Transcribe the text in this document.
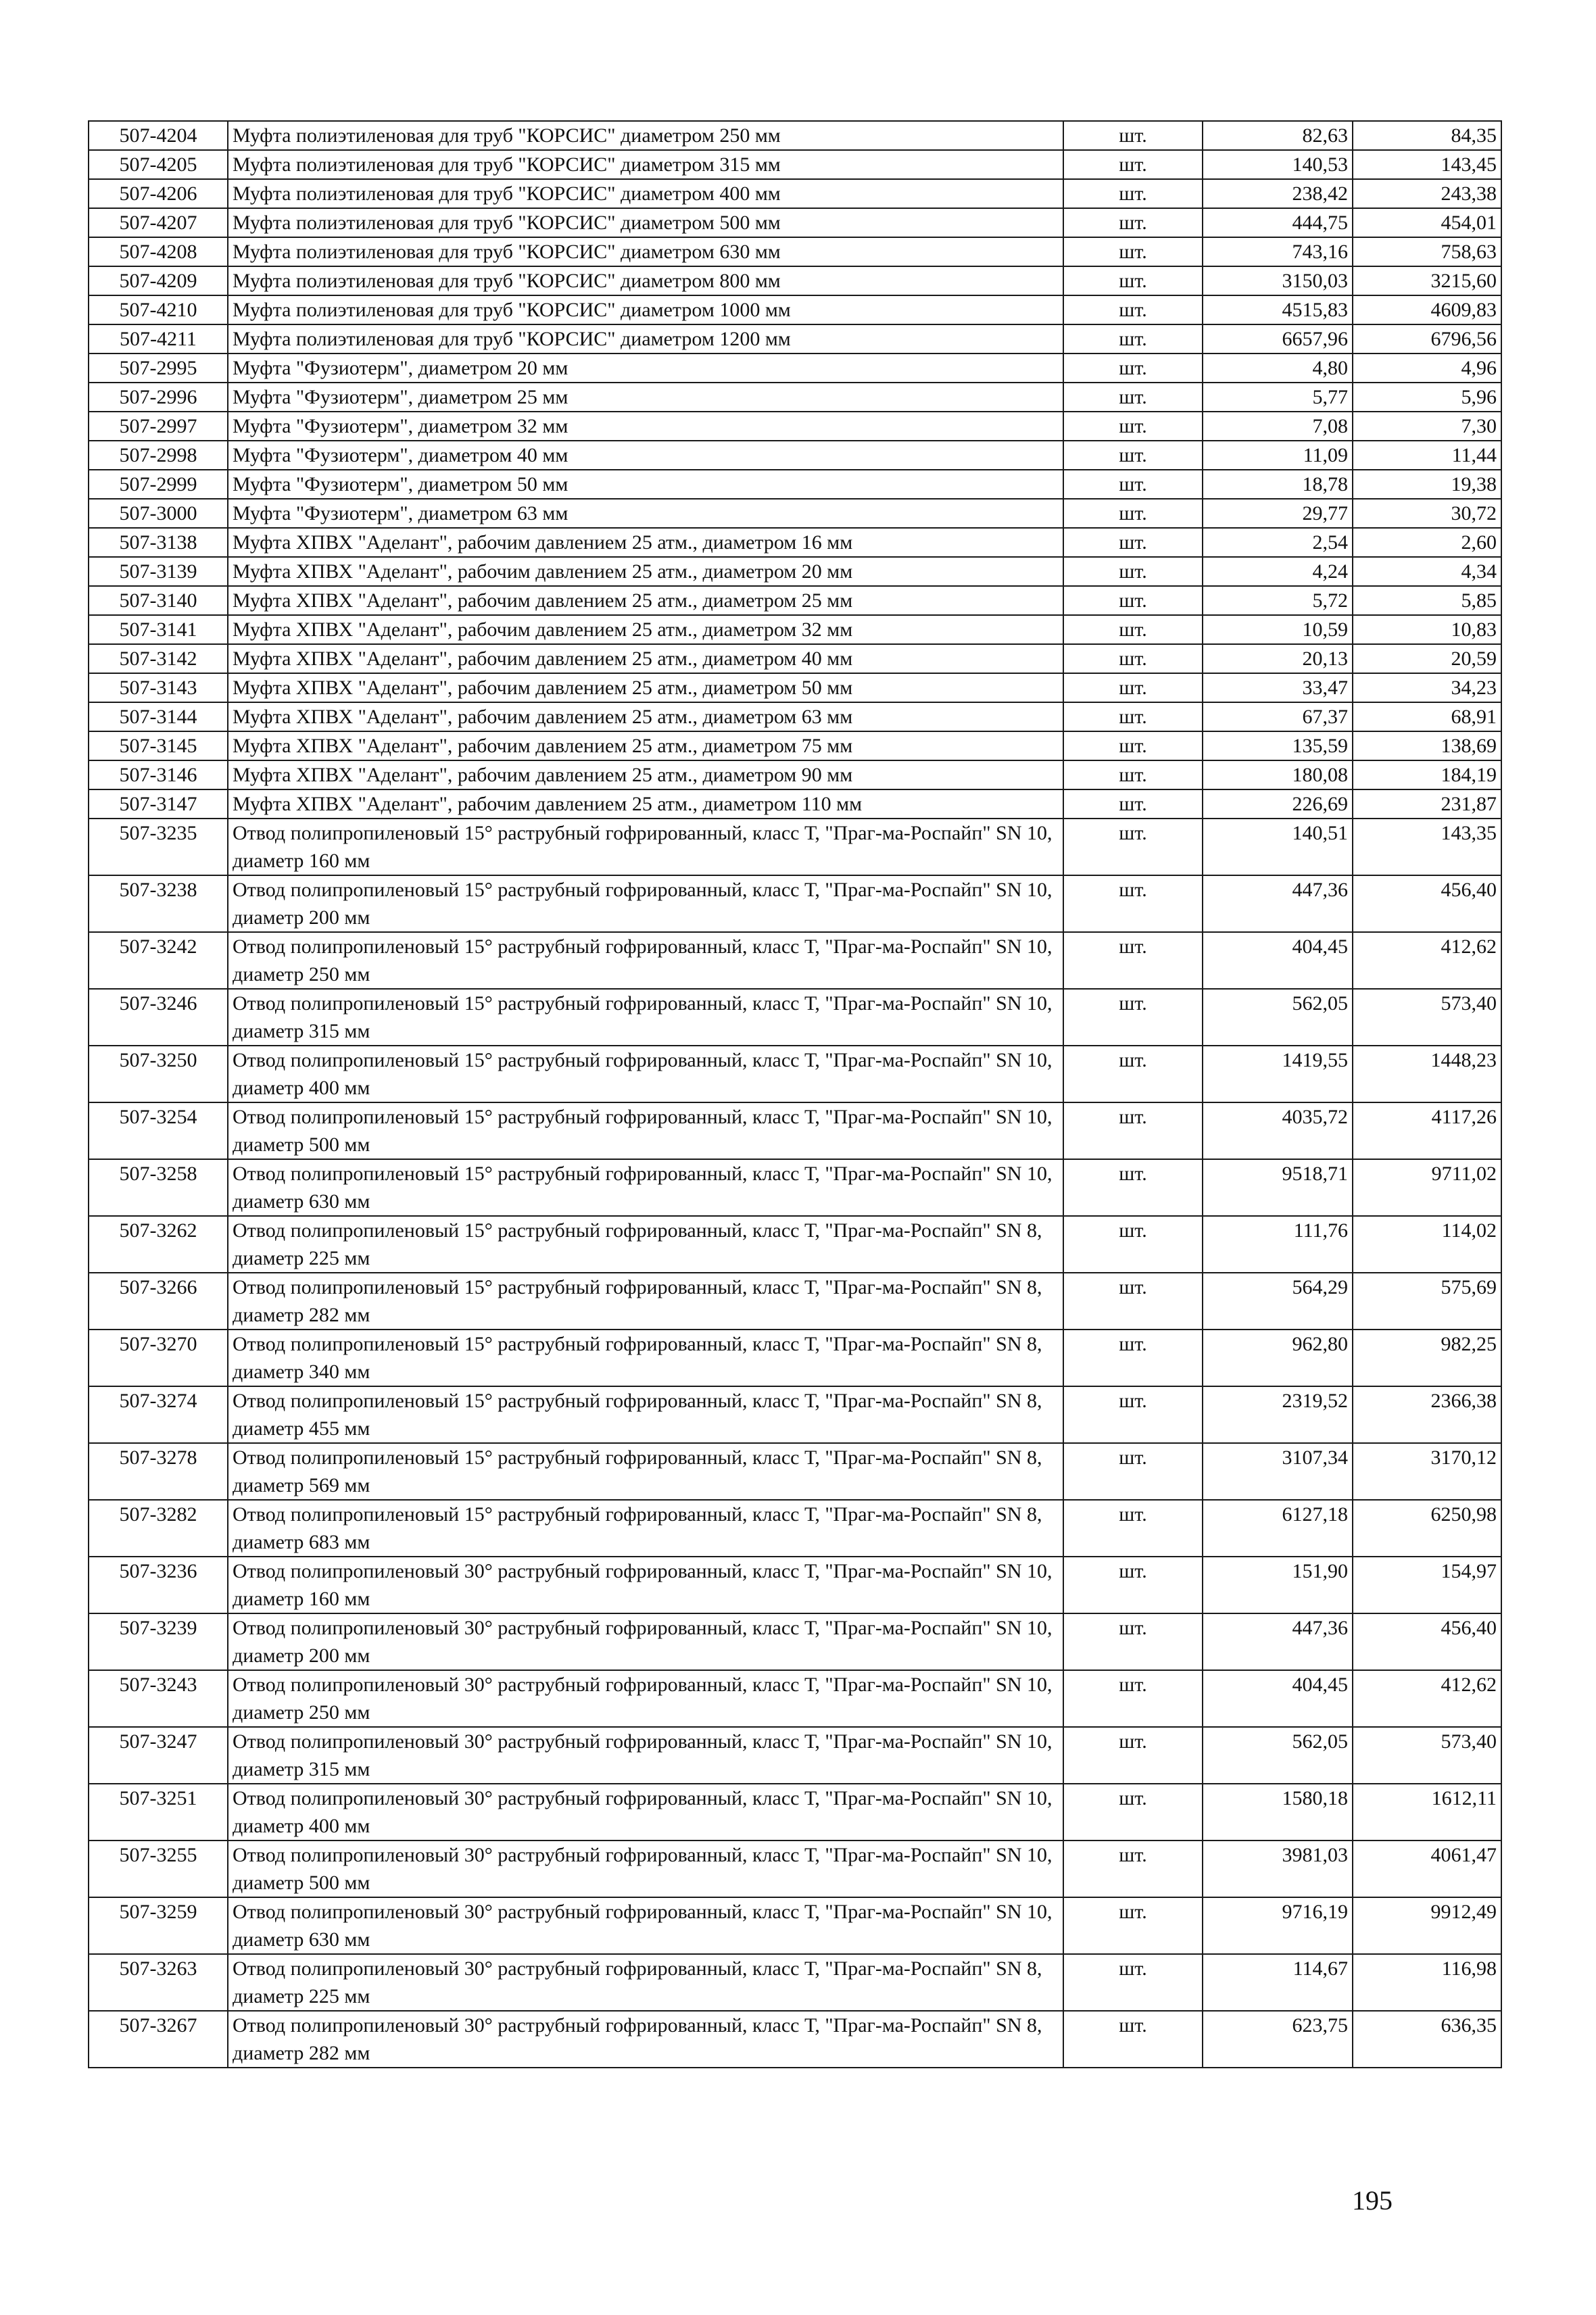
507-4204	Муфта полиэтиленовая для труб "КОРСИС" диаметром 250 мм	шт.	82,63	84,35
507-4205	Муфта полиэтиленовая для труб "КОРСИС" диаметром 315 мм	шт.	140,53	143,45
507-4206	Муфта полиэтиленовая для труб "КОРСИС" диаметром 400 мм	шт.	238,42	243,38
507-4207	Муфта полиэтиленовая для труб "КОРСИС" диаметром 500 мм	шт.	444,75	454,01
507-4208	Муфта полиэтиленовая для труб "КОРСИС" диаметром 630 мм	шт.	743,16	758,63
507-4209	Муфта полиэтиленовая для труб "КОРСИС" диаметром 800 мм	шт.	3150,03	3215,60
507-4210	Муфта полиэтиленовая для труб "КОРСИС" диаметром 1000 мм	шт.	4515,83	4609,83
507-4211	Муфта полиэтиленовая для труб "КОРСИС" диаметром 1200 мм	шт.	6657,96	6796,56
507-2995	Муфта "Фузиотерм", диаметром 20 мм	шт.	4,80	4,96
507-2996	Муфта "Фузиотерм", диаметром 25 мм	шт.	5,77	5,96
507-2997	Муфта "Фузиотерм", диаметром 32 мм	шт.	7,08	7,30
507-2998	Муфта "Фузиотерм", диаметром 40 мм	шт.	11,09	11,44
507-2999	Муфта "Фузиотерм", диаметром 50 мм	шт.	18,78	19,38
507-3000	Муфта "Фузиотерм", диаметром 63 мм	шт.	29,77	30,72
507-3138	Муфта ХПВХ "Аделант", рабочим давлением 25 атм., диаметром 16 мм	шт.	2,54	2,60
507-3139	Муфта ХПВХ "Аделант", рабочим давлением 25 атм., диаметром 20 мм	шт.	4,24	4,34
507-3140	Муфта ХПВХ "Аделант", рабочим давлением 25 атм., диаметром 25 мм	шт.	5,72	5,85
507-3141	Муфта ХПВХ "Аделант", рабочим давлением 25 атм., диаметром 32 мм	шт.	10,59	10,83
507-3142	Муфта ХПВХ "Аделант", рабочим давлением 25 атм., диаметром 40 мм	шт.	20,13	20,59
507-3143	Муфта ХПВХ "Аделант", рабочим давлением 25 атм., диаметром 50 мм	шт.	33,47	34,23
507-3144	Муфта ХПВХ "Аделант", рабочим давлением 25 атм., диаметром 63 мм	шт.	67,37	68,91
507-3145	Муфта ХПВХ "Аделант", рабочим давлением 25 атм., диаметром 75 мм	шт.	135,59	138,69
507-3146	Муфта ХПВХ "Аделант", рабочим давлением 25 атм., диаметром 90 мм	шт.	180,08	184,19
507-3147	Муфта ХПВХ "Аделант", рабочим давлением 25 атм., диаметром 110 мм	шт.	226,69	231,87
507-3235	Отвод полипропиленовый 15° раструбный гофрированный, класс Т, "Праг-ма-Роспайп" SN 10, диаметр 160 мм	шт.	140,51	143,35
507-3238	Отвод полипропиленовый 15° раструбный гофрированный, класс Т, "Праг-ма-Роспайп" SN 10, диаметр 200 мм	шт.	447,36	456,40
507-3242	Отвод полипропиленовый 15° раструбный гофрированный, класс Т, "Праг-ма-Роспайп" SN 10, диаметр 250 мм	шт.	404,45	412,62
507-3246	Отвод полипропиленовый 15° раструбный гофрированный, класс Т, "Праг-ма-Роспайп" SN 10, диаметр 315 мм	шт.	562,05	573,40
507-3250	Отвод полипропиленовый 15° раструбный гофрированный, класс Т, "Праг-ма-Роспайп" SN 10, диаметр 400 мм	шт.	1419,55	1448,23
507-3254	Отвод полипропиленовый 15° раструбный гофрированный, класс Т, "Праг-ма-Роспайп" SN 10, диаметр 500 мм	шт.	4035,72	4117,26
507-3258	Отвод полипропиленовый 15° раструбный гофрированный, класс Т, "Праг-ма-Роспайп" SN 10, диаметр 630 мм	шт.	9518,71	9711,02
507-3262	Отвод полипропиленовый 15° раструбный гофрированный, класс Т, "Праг-ма-Роспайп" SN 8, диаметр 225 мм	шт.	111,76	114,02
507-3266	Отвод полипропиленовый 15° раструбный гофрированный, класс Т, "Праг-ма-Роспайп" SN 8, диаметр 282 мм	шт.	564,29	575,69
507-3270	Отвод полипропиленовый 15° раструбный гофрированный, класс Т, "Праг-ма-Роспайп" SN 8, диаметр 340 мм	шт.	962,80	982,25
507-3274	Отвод полипропиленовый 15° раструбный гофрированный, класс Т, "Праг-ма-Роспайп" SN 8, диаметр 455 мм	шт.	2319,52	2366,38
507-3278	Отвод полипропиленовый 15° раструбный гофрированный, класс Т, "Праг-ма-Роспайп" SN 8, диаметр 569 мм	шт.	3107,34	3170,12
507-3282	Отвод полипропиленовый 15° раструбный гофрированный, класс Т, "Праг-ма-Роспайп" SN 8, диаметр 683 мм	шт.	6127,18	6250,98
507-3236	Отвод полипропиленовый 30° раструбный гофрированный, класс Т, "Праг-ма-Роспайп" SN 10, диаметр 160 мм	шт.	151,90	154,97
507-3239	Отвод полипропиленовый 30° раструбный гофрированный, класс Т, "Праг-ма-Роспайп" SN 10, диаметр 200 мм	шт.	447,36	456,40
507-3243	Отвод полипропиленовый 30° раструбный гофрированный, класс Т, "Праг-ма-Роспайп" SN 10, диаметр 250 мм	шт.	404,45	412,62
507-3247	Отвод полипропиленовый 30° раструбный гофрированный, класс Т, "Праг-ма-Роспайп" SN 10, диаметр 315 мм	шт.	562,05	573,40
507-3251	Отвод полипропиленовый 30° раструбный гофрированный, класс Т, "Праг-ма-Роспайп" SN 10, диаметр 400 мм	шт.	1580,18	1612,11
507-3255	Отвод полипропиленовый 30° раструбный гофрированный, класс Т, "Праг-ма-Роспайп" SN 10, диаметр 500 мм	шт.	3981,03	4061,47
507-3259	Отвод полипропиленовый 30° раструбный гофрированный, класс Т, "Праг-ма-Роспайп" SN 10, диаметр 630 мм	шт.	9716,19	9912,49
507-3263	Отвод полипропиленовый 30° раструбный гофрированный, класс Т, "Праг-ма-Роспайп" SN 8, диаметр 225 мм	шт.	114,67	116,98
507-3267	Отвод полипропиленовый 30° раструбный гофрированный, класс Т, "Праг-ма-Роспайп" SN 8, диаметр 282 мм	шт.	623,75	636,35
195
